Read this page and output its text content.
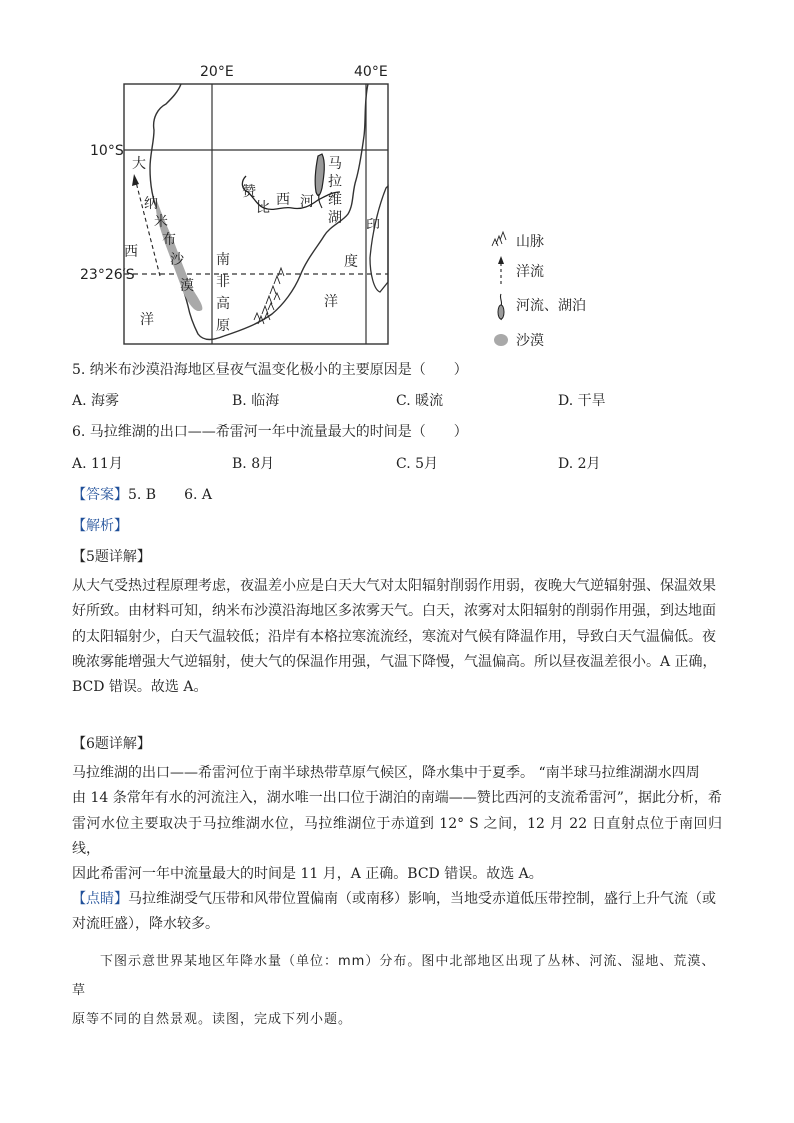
20°E	40°E
10°S
23°26′S
大
西
洋
纳
米
布
沙
漠
赞
比 西 河
马
拉
维
湖
南
非
高
原
印
度
洋
山脉
洋流
河流、湖泊
沙漠
5. 纳米布沙漠沿海地区昼夜气温变化极小的主要原因是（　　）
A. 海雾	B. 临海	C. 暖流	D. 干旱
6. 马拉维湖的出口——希雷河一年中流量最大的时间是（　　）
A. 11月	B. 8月	C. 5月	D. 2月
【答案】5. B　　6. A
【解析】
【5题详解】
从大气受热过程原理考虑，夜温差小应是白天大气对太阳辐射削弱作用弱，夜晚大气逆辐射强、保温效果
好所致。由材料可知，纳米布沙漠沿海地区多浓雾天气。白天，浓雾对太阳辐射的削弱作用强，到达地面
的太阳辐射少，白天气温较低；沿岸有本格拉寒流流经，寒流对气候有降温作用，导致白天气温偏低。夜
晚浓雾能增强大气逆辐射，使大气的保温作用强，气温下降慢，气温偏高。所以昼夜温差很小。A 正确，
BCD 错误。故选 A。
【6题详解】
马拉维湖的出口——希雷河位于南半球热带草原气候区，降水集中于夏季。 “南半球马拉维湖湖水四周
由 14 条常年有水的河流注入，湖水唯一出口位于湖泊的南端——赞比西河的支流希雷河”，据此分析，希
雷河水位主要取决于马拉维湖水位，马拉维湖位于赤道到 12° S 之间，12 月 22 日直射点位于南回归线，
因此希雷河一年中流量最大的时间是 11 月，A 正确。BCD 错误。故选 A。
【点睛】马拉维湖受气压带和风带位置偏南（或南移）影响，当地受赤道低压带控制，盛行上升气流（或
对流旺盛），降水较多。
下图示意世界某地区年降水量（单位：mm）分布。图中北部地区出现了丛林、河流、湿地、荒漠、草
原等不同的自然景观。读图，完成下列小题。
